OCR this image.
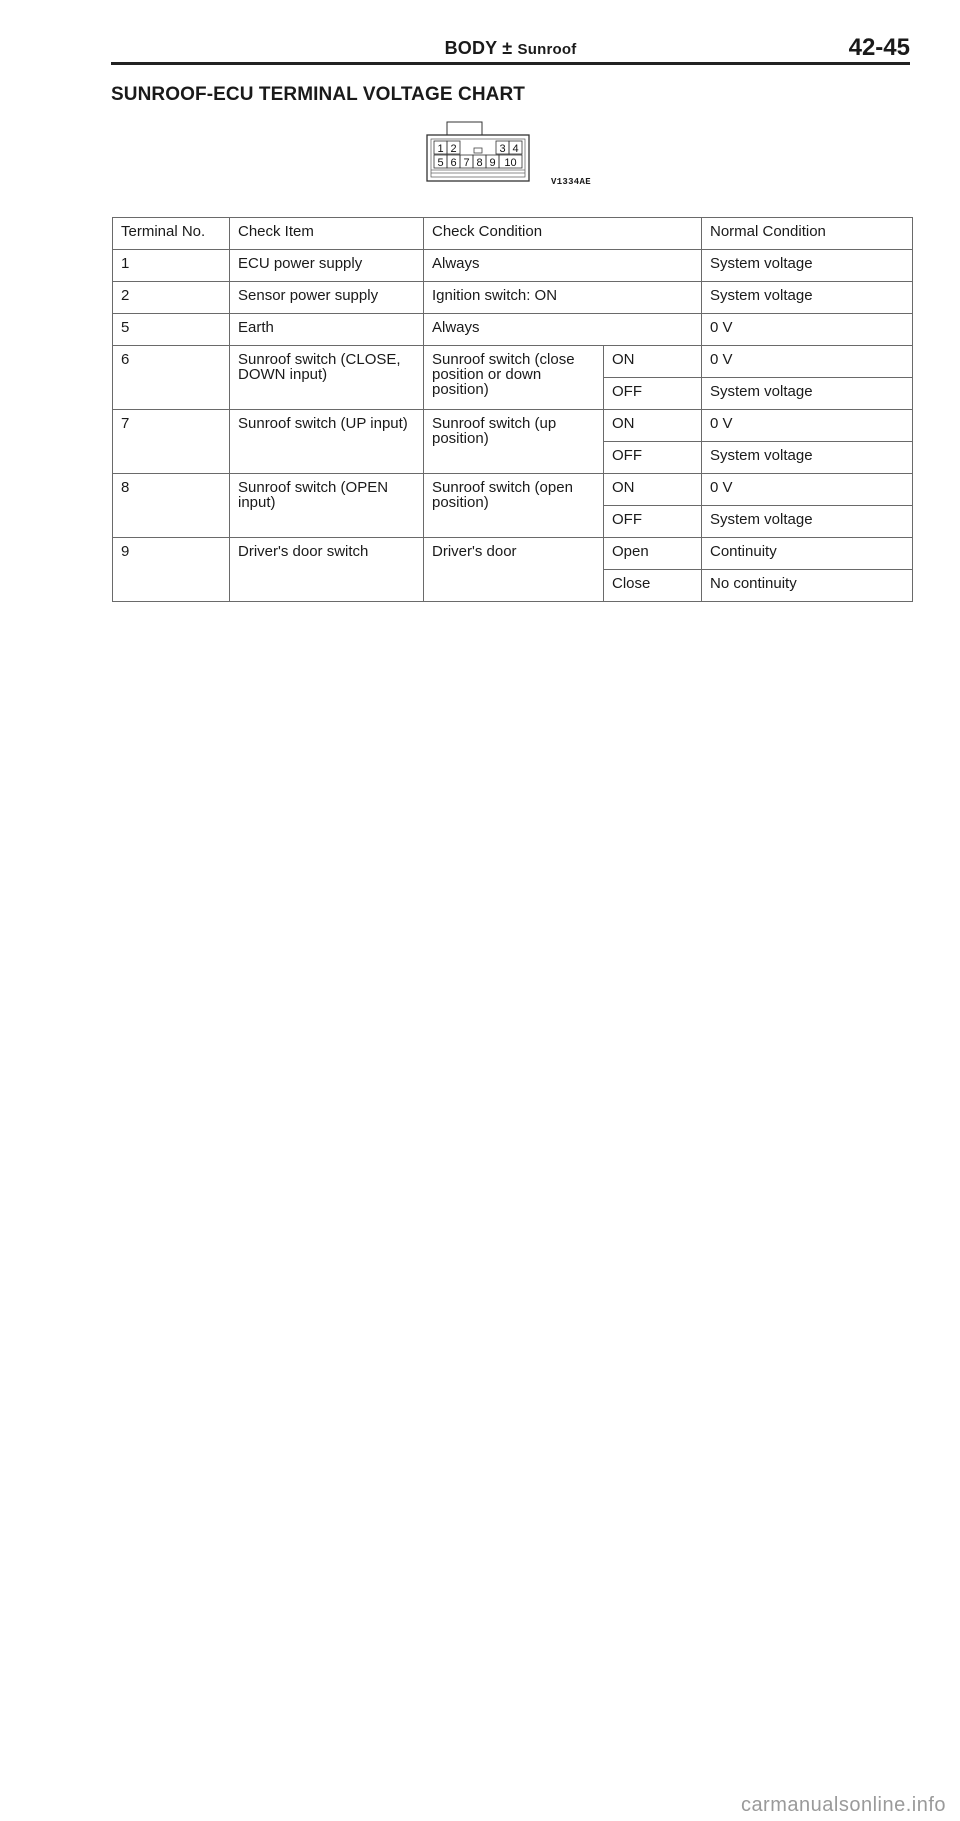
BODY ± Sunroof	42-45
SUNROOF-ECU TERMINAL VOLTAGE CHART
1 2	3 4
5 6 7 8 9 10
V1334AE
Terminal No.	Check Item	Check Condition		Normal Condition
1	ECU power supply	Always		System voltage
2	Sensor power supply	Ignition switch: ON		System voltage
5	Earth	Always		0 V
6	Sunroof switch (CLOSE, DOWN input)	Sunroof switch (close position or down position)	ON	0 V
			OFF	System voltage
7	Sunroof switch (UP input)	Sunroof switch (up position)	ON	0 V
			OFF	System voltage
8	Sunroof switch (OPEN input)	Sunroof switch (open position)	ON	0 V
			OFF	System voltage
9	Driver's door switch	Driver's door	Open	Continuity
			Close	No continuity
carmanualsonline.info
